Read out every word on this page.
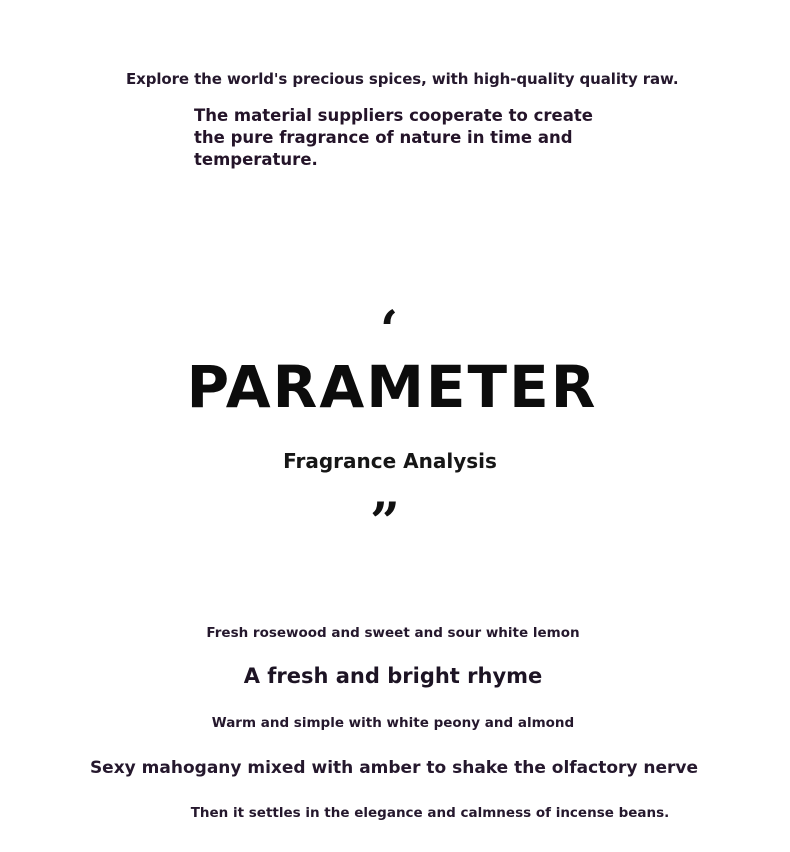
Explore the world's precious spices, with high-quality quality raw.
The material suppliers cooperate to create the pure fragrance of nature in time and temperature.
‘
PARAMETER
Fragrance Analysis
”
Fresh rosewood and sweet and sour white lemon
A fresh and bright rhyme
Warm and simple with white peony and almond
Sexy mahogany mixed with amber to shake the olfactory nerve
Then it settles in the elegance and calmness of incense beans.
